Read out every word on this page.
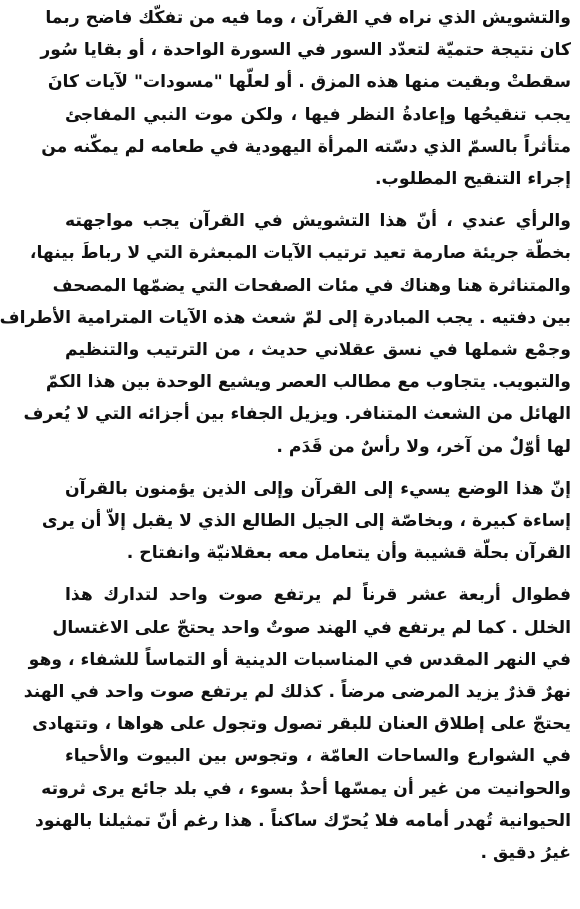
والتشويش الذي نراه في القرآن ، وما فيه من تفكّك فاضح ربما
كان نتيجة حتميّة لتعدّد السور في السورة الواحدة ، أو بقايا سُور
سقطتْ وبقيت منها هذه المزق . أو لعلّها "مسودات" لآيات كانَ
يجب تنقيحُها وإعادةُ النظر فيها ، ولكن موت النبي المفاجئ
متأثراً بالسمّ الذي دسّته المرأة اليهودية في طعامه لم يمكّنه من
إجراء التنقيح المطلوب.

والرأي عندي ، أنّ هذا التشويش في القرآن يجب مواجهته
بخطّة جريئة صارمة تعيد ترتيب الآيات المبعثرة التي لا رباطَ بينها،
والمتناثرة هنا وهناك في مئات الصفحات التي يضمّها المصحف
بين دفتيه . يجب المبادرة إلى لمّ شعث هذه الآيات المترامية الأطراف
وجمْع شملها في نسق عقلاني حديث ، من الترتيب والتنظيم
والتبويب. يتجاوب مع مطالب العصر ويشيع الوحدة بين هذا الكمّ
الهائل من الشعث المتنافر. ويزيل الجفاء بين أجزائه التي لا يُعرف
لها أوّلٌ من آخر، ولا رأسٌ من قَدَم .

إنّ هذا الوضع يسيء إلى القرآن وإلى الذين يؤمنون بالقرآن
إساءة كبيرة ، وبخاصّة إلى الجيل الطالع الذي لا يقبل إلاّ أن يرى
القرآن بحلّة قشيبة وأن يتعامل معه بعقلانيّة وانفتاح .

فطوال أربعة عشر قرناً لم يرتفع صوت واحد لتدارك هذا
الخلل . كما لم يرتفع في الهند صوتٌ واحد يحتجّ على الاغتسال
في النهر المقدس في المناسبات الدينية أو التماساً للشفاء ، وهو
نهرٌ قذرٌ يزيد المرضى مرضاً . كذلك لم يرتفع صوت واحد في الهند
يحتجّ على إطلاق العنان للبقر تصول وتجول على هواها ، وتتهادى
في الشوارع والساحات العامّة ، وتجوس بين البيوت والأحياء
والحوانيت من غير أن يمسّها أحدٌ بسوء ، في بلد جائع يرى ثروته
الحيوانية تُهدر أمامه فلا يُحرّك ساكناً . هذا رغم أنّ تمثيلنا بالهنود
غيرُ دقيق .
